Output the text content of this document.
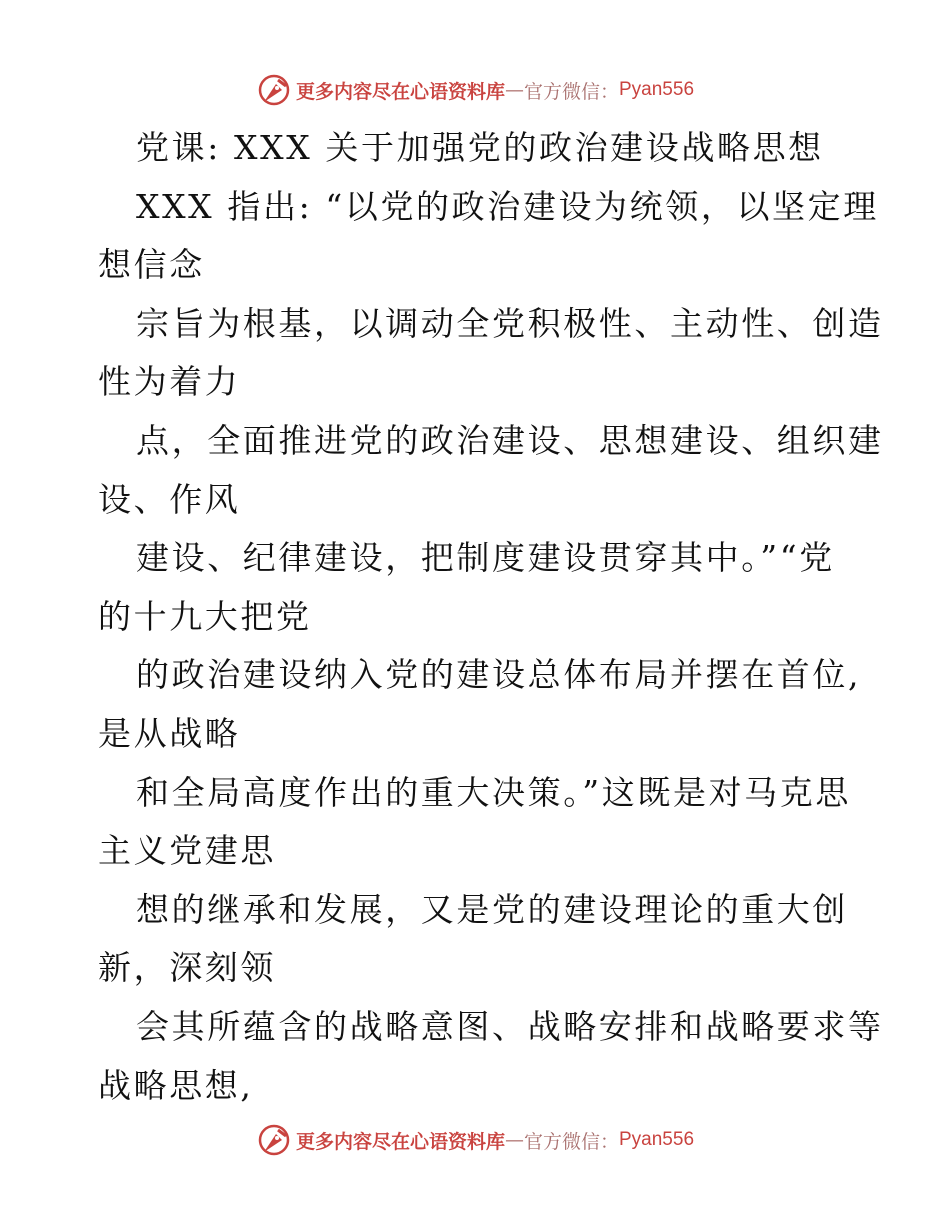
更多内容尽在心语资料库 — 官方微信： Pyan556
党课: XXX 关于加强党的政治建设战略思想
XXX 指出: “以党的政治建设为统领，以坚定理
想信念
宗旨为根基，以调动全党积极性、主动性、创造
性为着力
点，全面推进党的政治建设、思想建设、组织建
设、作风
建设、纪律建设，把制度建设贯穿其中。”“党
的十九大把党
的政治建设纳入党的建设总体布局并摆在首位,
是从战略
和全局高度作出的重大决策。”这既是对马克思
主义党建思
想的继承和发展，又是党的建设理论的重大创
新，深刻领
会其所蕴含的战略意图、战略安排和战略要求等
战略思想,
更多内容尽在心语资料库 — 官方微信： Pyan556
